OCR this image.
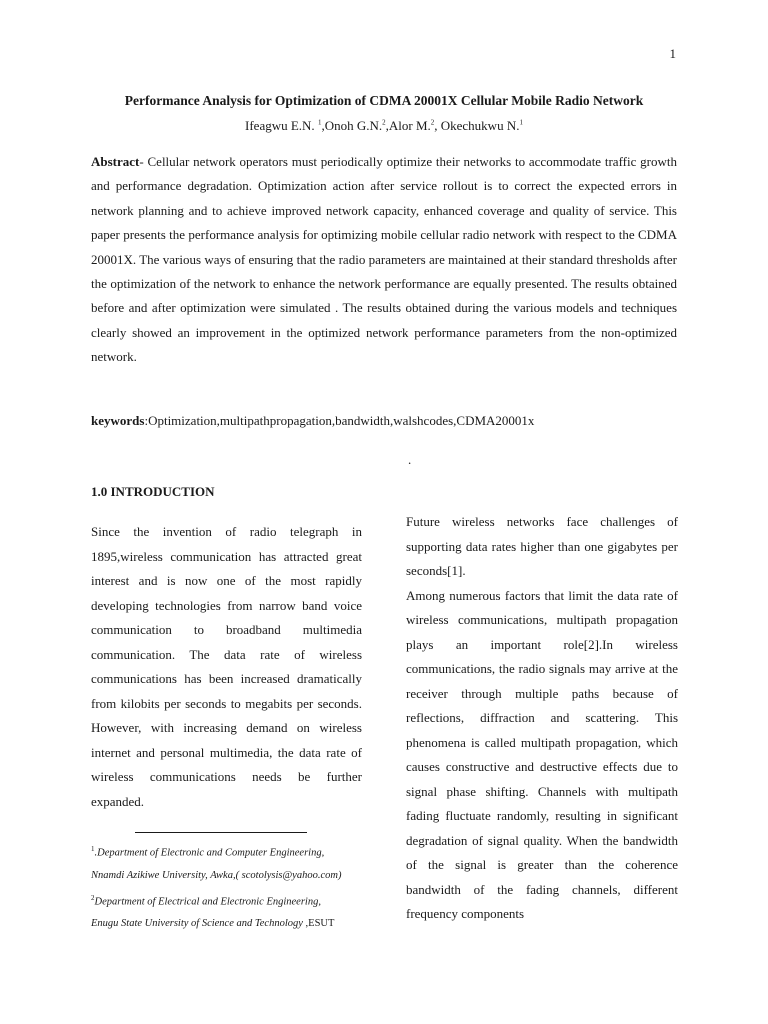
1
Performance Analysis for Optimization of CDMA 20001X Cellular Mobile Radio Network
Ifeagwu E.N. $^1$,Onoh G.N.$^2$,Alor M.$^2$, Okechukwu N.$^1$

Abstract- Cellular network operators must periodically optimize their networks to accommodate traffic growth and performance degradation. Optimization action after service rollout is to correct the expected errors in network planning and to achieve improved network capacity, enhanced coverage and quality of service. This paper presents the performance analysis for optimizing mobile cellular radio network with respect to the CDMA 20001X. The various ways of ensuring that the radio parameters are maintained at their standard thresholds after the optimization of the network to enhance the network performance are equally presented. The results obtained before and after optimization were simulated . The results obtained during the various models and techniques clearly showed an improvement in the optimized network performance parameters from the non-optimized network.

keywords:Optimization,multipathpropagation,bandwidth,walshcodes,CDMA20001x

.
1.0 INTRODUCTION

Since the invention of radio telegraph in 1895,wireless communication has attracted great interest and is now one of the most rapidly developing technologies from narrow band voice communication to broadband multimedia communication. The data rate of wireless communications has been increased dramatically from kilobits per seconds to megabits per seconds. However, with increasing demand on wireless internet and personal multimedia, the data rate of wireless communications needs be further expanded.

Future wireless networks face challenges of supporting data rates higher than one gigabytes per seconds[1].

Among numerous factors that limit the data rate of wireless communications, multipath propagation plays an important role[2].In wireless communications, the radio signals may arrive at the receiver through multiple paths because of reflections, diffraction and scattering. This phenomena is called multipath propagation, which causes constructive and destructive effects due to signal phase shifting. Channels with multipath fading fluctuate randomly, resulting in significant degradation of signal quality. When the bandwidth of the signal is greater than the coherence bandwidth of the fading channels, different frequency components

$^1$.Department of Electronic and Computer Engineering,
Nnamdi Azikiwe University, Awka,( scotolysis@yahoo.com)
$^2$Department of Electrical and Electronic Engineering,
Enugu State University of Science and Technology ,ESUT
